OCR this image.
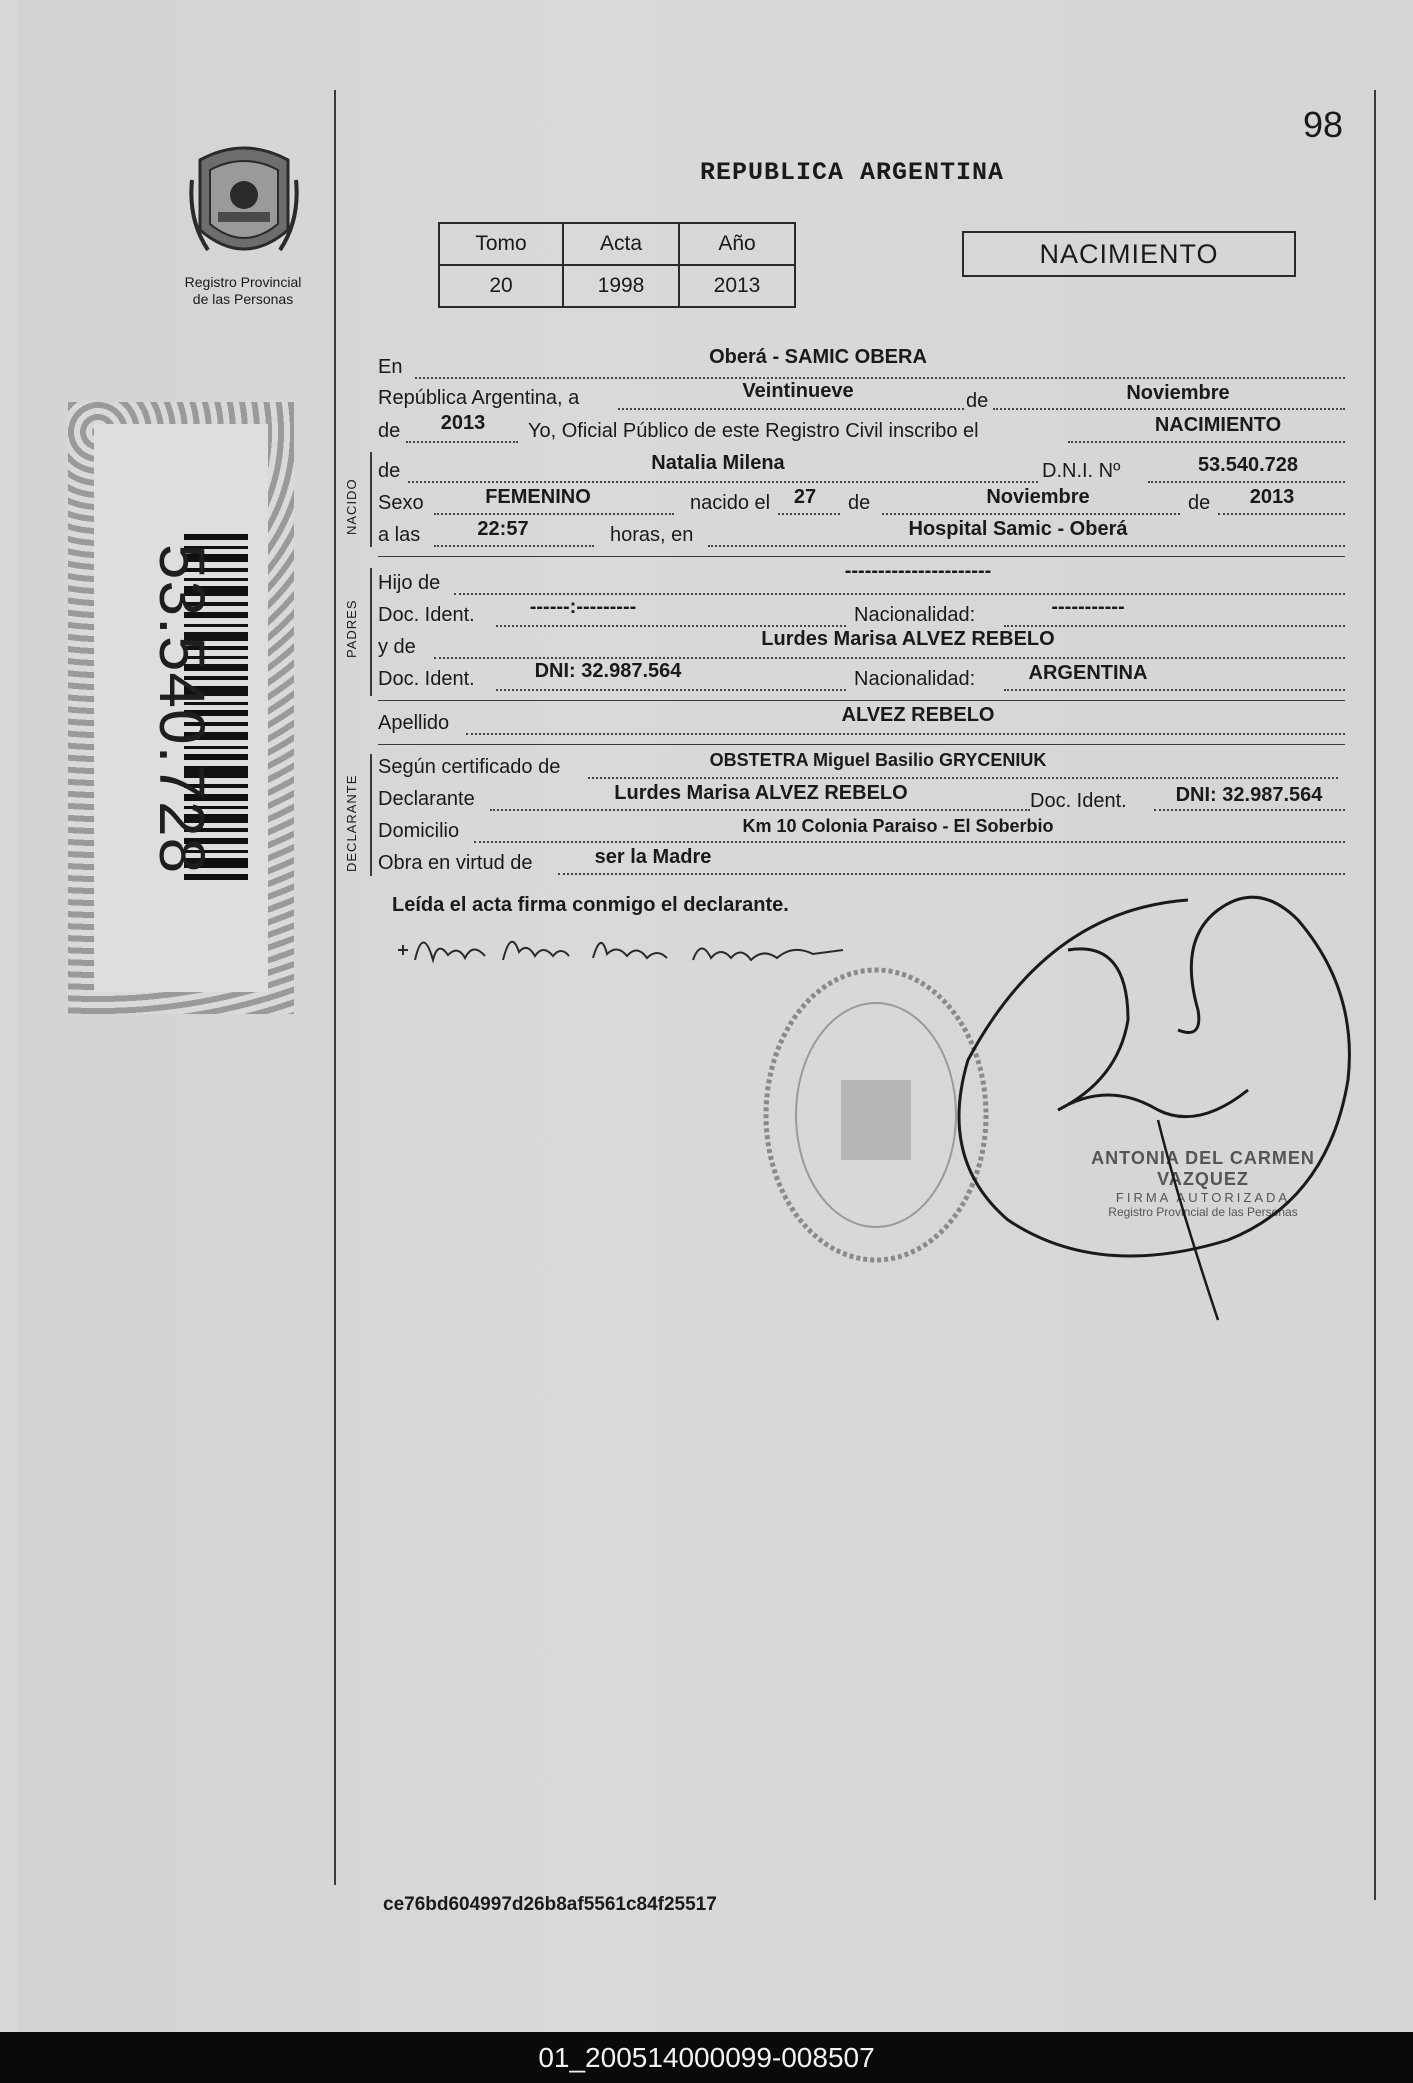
98
Registro Provincial
de las Personas
REPUBLICA ARGENTINA
Tomo	Acta	Año
20	1998	2013
NACIMIENTO
53.540.728
En	Oberá - SAMIC OBERA
República Argentina, a	Veintinueve	de	Noviembre
de	2013	Yo, Oficial Público de este Registro Civil inscribo el	NACIMIENTO
NACIDO
de	Natalia Milena	D.N.I. Nº	53.540.728
Sexo	FEMENINO	nacido el	27	de	Noviembre	de	2013
a las	22:57	horas, en	Hospital Samic - Oberá
PADRES
Hijo de
----------------------
Doc. Ident.	------:---------	Nacionalidad:	-----------
y de	Lurdes Marisa ALVEZ REBELO
Doc. Ident.	DNI: 32.987.564	Nacionalidad:	ARGENTINA
Apellido	ALVEZ REBELO
DECLARANTE
Según certificado de	OBSTETRA Miguel Basilio GRYCENIUK
Declarante	Lurdes Marisa ALVEZ REBELO	Doc. Ident.	DNI: 32.987.564
Domicilio	Km 10 Colonia Paraiso - El Soberbio
Obra en virtud de	ser la Madre
Leída el acta firma conmigo el declarante.
ANTONIA DEL CARMEN VAZQUEZ
FIRMA AUTORIZADA
Registro Provincial de las Personas
ce76bd604997d26b8af5561c84f25517
01_200514000099-008507
